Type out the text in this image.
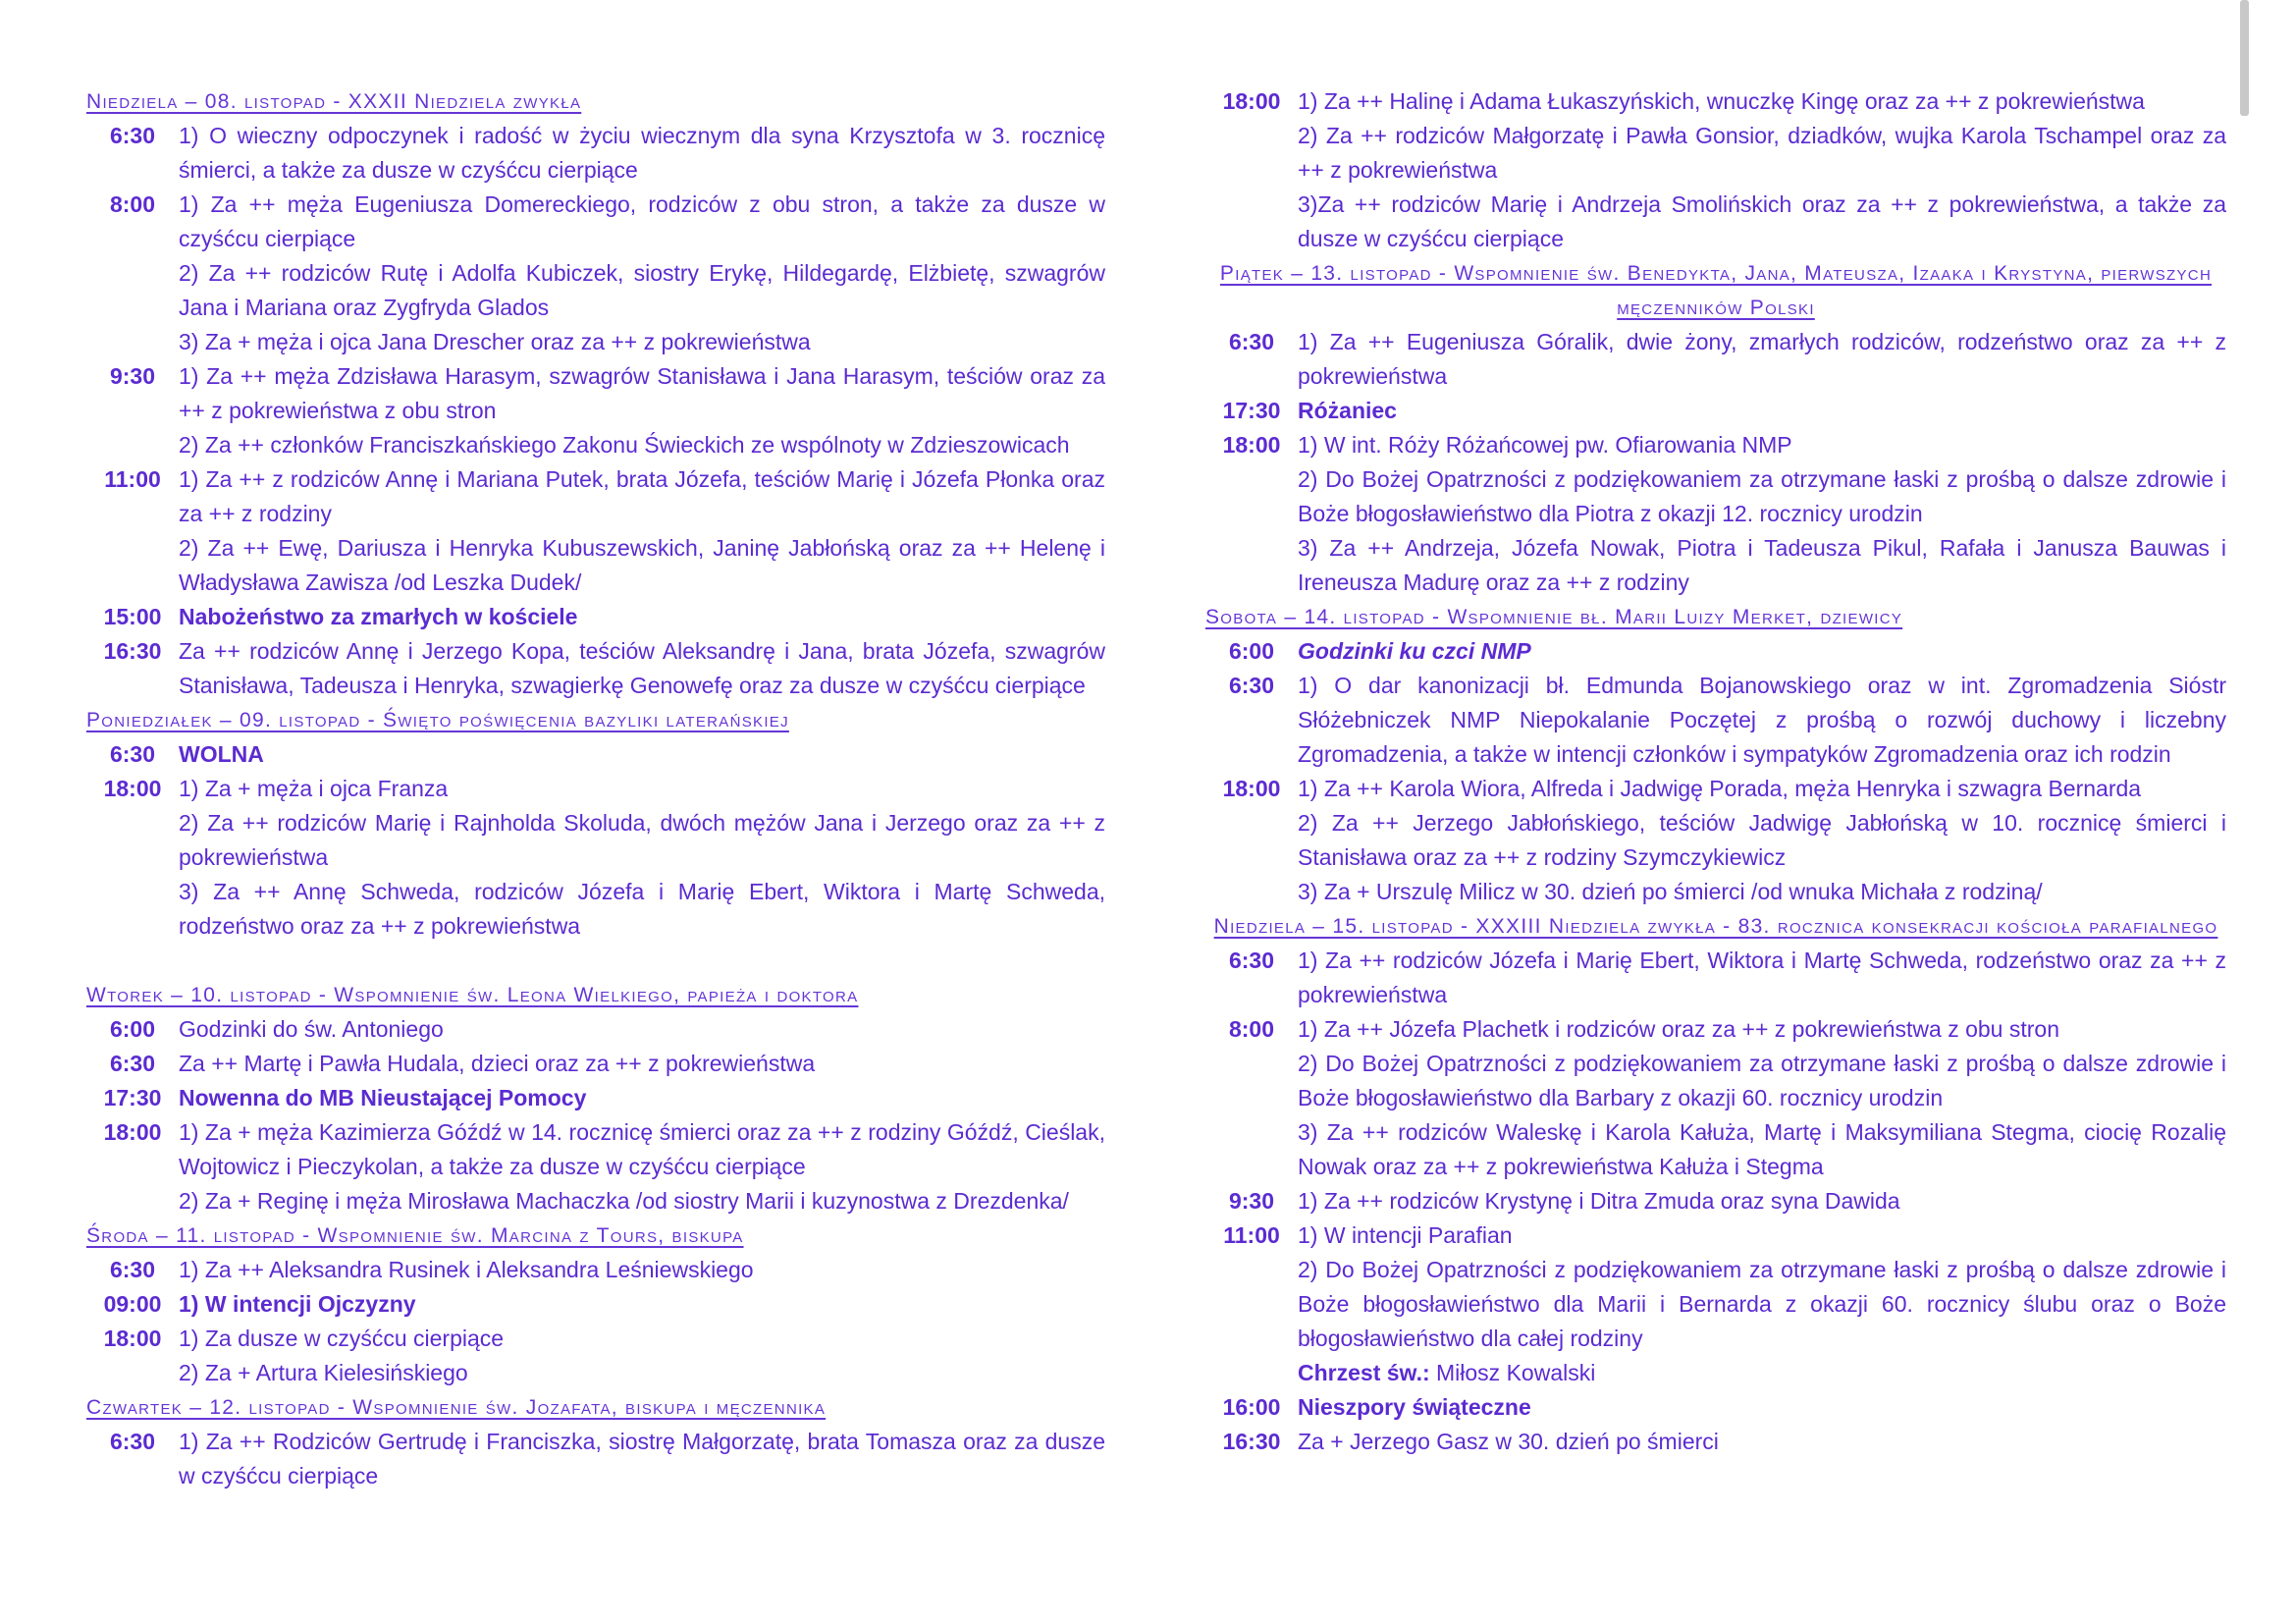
Niedziela – 08. listopad - XXXII Niedziela zwykła
6:30	1) O wieczny odpoczynek i radość w życiu wiecznym dla syna Krzysztofa w 3. rocznicę śmierci, a także za dusze w czyśćcu cierpiące
8:00	1) Za ++ męża Eugeniusza Domereckiego, rodziców z obu stron, a także za dusze w czyśćcu cierpiące
2) Za ++ rodziców Rutę i Adolfa Kubiczek, siostry Erykę, Hildegardę, Elżbietę, szwagrów Jana i Mariana oraz Zygfryda Glados
3) Za + męża i ojca Jana Drescher oraz za ++ z pokrewieństwa
9:30	1) Za ++ męża Zdzisława Harasym, szwagrów Stanisława i Jana Harasym, teściów oraz za ++ z pokrewieństwa z obu stron
2) Za ++ członków Franciszkańskiego Zakonu Świeckich ze wspólnoty w Zdzieszowicach
11:00 1) Za ++ z rodziców Annę i Mariana Putek, brata Józefa, teściów Marię i Józefa Płonka oraz za ++ z rodziny
2) Za ++ Ewę, Dariusza i Henryka Kubuszewskich, Janinę Jabłońską oraz za ++ Helenę i Władysława Zawisza /od Leszka Dudek/
15:00 Nabożeństwo za zmarłych w kościele
16:30 Za ++ rodziców Annę i Jerzego Kopa, teściów Aleksandrę i Jana, brata Józefa, szwagrów Stanisława, Tadeusza i Henryka, szwagierkę Genowefę oraz za dusze w czyśćcu cierpiące
Poniedziałek – 09. listopad - Święto poświęcenia bazyliki laterańskiej
6:30	WOLNA
18:00 1) Za + męża i ojca Franza
2) Za ++ rodziców Marię i Rajnholda Skoluda, dwóch mężów Jana i Jerzego oraz za ++ z pokrewieństwa
3) Za ++ Annę Schweda, rodziców Józefa i Marię Ebert, Wiktora i Martę Schweda, rodzeństwo oraz za ++ z pokrewieństwa
Wtorek – 10. listopad - Wspomnienie św. Leona Wielkiego, papieża i doktora
6:00	Godzinki do św. Antoniego
6:30	Za ++ Martę i Pawła Hudala, dzieci oraz za ++ z pokrewieństwa
17:30 Nowenna do MB Nieustającej Pomocy
18:00 1) Za + męża Kazimierza Góźdź w 14. rocznicę śmierci oraz za ++ z rodziny Góźdź, Cieślak, Wojtowicz i Pieczykolan, a także za dusze w czyśćcu cierpiące
2) Za + Reginę i męża Mirosława Machaczka /od siostry Marii i kuzynostwa z Drezdenka/
Środa – 11. listopad - Wspomnienie św. Marcina z Tours, biskupa
6:30	1) Za ++ Aleksandra Rusinek i Aleksandra Leśniewskiego
09:00 1) W intencji Ojczyzny
18:00 1) Za dusze w czyśćcu cierpiące
2) Za + Artura Kielesińskiego
Czwartek – 12. listopad - Wspomnienie św. Jozafata, biskupa i męczennika
6:30	1) Za ++ Rodziców Gertrudę i Franciszka, siostrę Małgorzatę, brata Tomasza oraz za dusze w czyśćcu cierpiące
18:00 1) Za ++ Halinę i Adama Łukaszyńskich, wnuczkę Kingę oraz za ++ z pokrewieństwa
2) Za ++ rodziców Małgorzatę i Pawła Gonsior, dziadków, wujka Karola Tschampel oraz za ++ z pokrewieństwa
3)Za ++ rodziców Marię i Andrzeja Smolińskich oraz za ++ z pokrewieństwa, a także za dusze w czyśćcu cierpiące
Piątek – 13. listopad - Wspomnienie św. Benedykta, Jana, Mateusza, Izaaka i Krystyna, pierwszych męczenników Polski
6:30	1) Za ++ Eugeniusza Góralik, dwie żony, zmarłych rodziców, rodzeństwo oraz za ++ z pokrewieństwa
17:30 Różaniec
18:00 1) W int. Róży Różańcowej pw. Ofiarowania NMP
2) Do Bożej Opatrzności z podziękowaniem za otrzymane łaski z prośbą o dalsze zdrowie i Boże błogosławieństwo dla Piotra z okazji 12. rocznicy urodzin
3) Za ++ Andrzeja, Józefa Nowak, Piotra i Tadeusza Pikul, Rafała i Janusza Bauwas i Ireneusza Madurę oraz za ++ z rodziny
Sobota – 14. listopad - Wspomnienie bł. Marii Luizy Merket, dziewicy
6:00	Godzinki ku czci NMP
6:30	1) O dar kanonizacji bł. Edmunda Bojanowskiego oraz w int. Zgromadzenia Sióstr Słóżebniczek NMP Niepokalanie Poczętej z prośbą o rozwój duchowy i liczebny Zgromadzenia, a także w intencji członków i sympatyków Zgromadzenia oraz ich rodzin
18:00 1) Za ++ Karola Wiora, Alfreda i Jadwigę Porada, męża Henryka i szwagra Bernarda
2) Za ++ Jerzego Jabłońskiego, teściów Jadwigę Jabłońską w 10. rocznicę śmierci i Stanisława oraz za ++ z rodziny Szymczykiewicz
3) Za + Urszulę Milicz w 30. dzień po śmierci /od wnuka Michała z rodziną/
Niedziela – 15. listopad - XXXIII Niedziela zwykła - 83. rocznica konsekracji kościoła parafialnego
6:30	1) Za ++ rodziców Józefa i Marię Ebert, Wiktora i Martę Schweda, rodzeństwo oraz za ++ z pokrewieństwa
8:00	1) Za ++ Józefa Plachetk i rodziców oraz za ++ z pokrewieństwa z obu stron
2) Do Bożej Opatrzności z podziękowaniem za otrzymane łaski z prośbą o dalsze zdrowie i Boże błogosławieństwo dla Barbary z okazji 60. rocznicy urodzin
3) Za ++ rodziców Waleskę i Karola Kałuża, Martę i Maksymiliana Stegma, ciocię Rozalię Nowak oraz za ++ z pokrewieństwa Kałuża i Stegma
9:30	1) Za ++ rodziców Krystynę i Ditra Zmuda oraz syna Dawida
11:00 1) W intencji Parafian
2) Do Bożej Opatrzności z podziękowaniem za otrzymane łaski z prośbą o dalsze zdrowie i Boże błogosławieństwo dla Marii i Bernarda z okazji 60. rocznicy ślubu oraz o Boże błogosławieństwo dla całej rodziny
Chrzest św.: Miłosz Kowalski
16:00 Nieszpory świąteczne
16:30 Za + Jerzego Gasz w 30. dzień po śmierci
